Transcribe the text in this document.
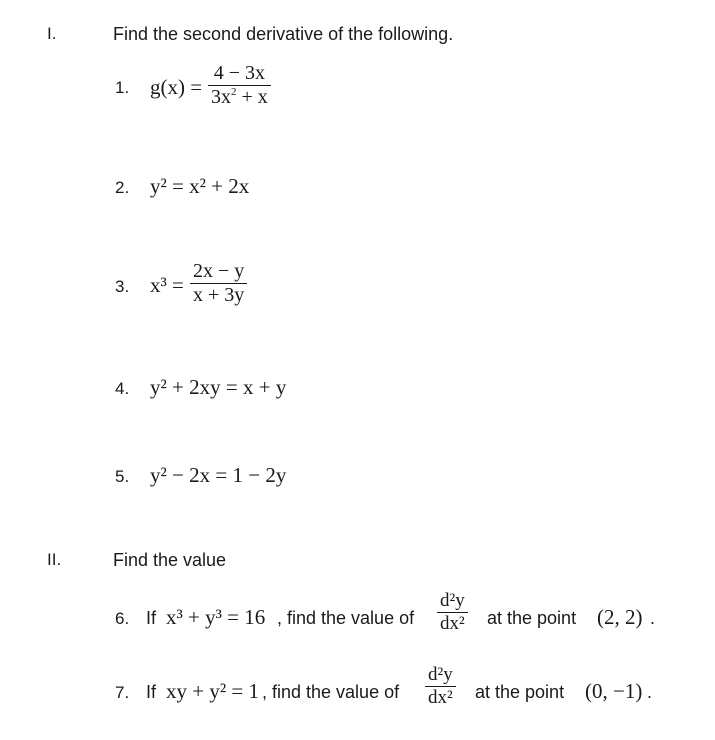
I.	Find the second derivative of the following.
1. g(x) =
4 − 3x
$3x^2 + x$
2. y² = x² + 2x
3. x³ =
2x − y
x + 3y
4. y² + 2xy = x + y
5. y² − 2x = 1 − 2y
II.	Find the value
6. If x³ + y³ = 16 , find the value of
d²y
dx² at the point (2, 2) .
7. If xy + y² = 1 , find the value of
d²y
dx² at the point (0, −1) .
